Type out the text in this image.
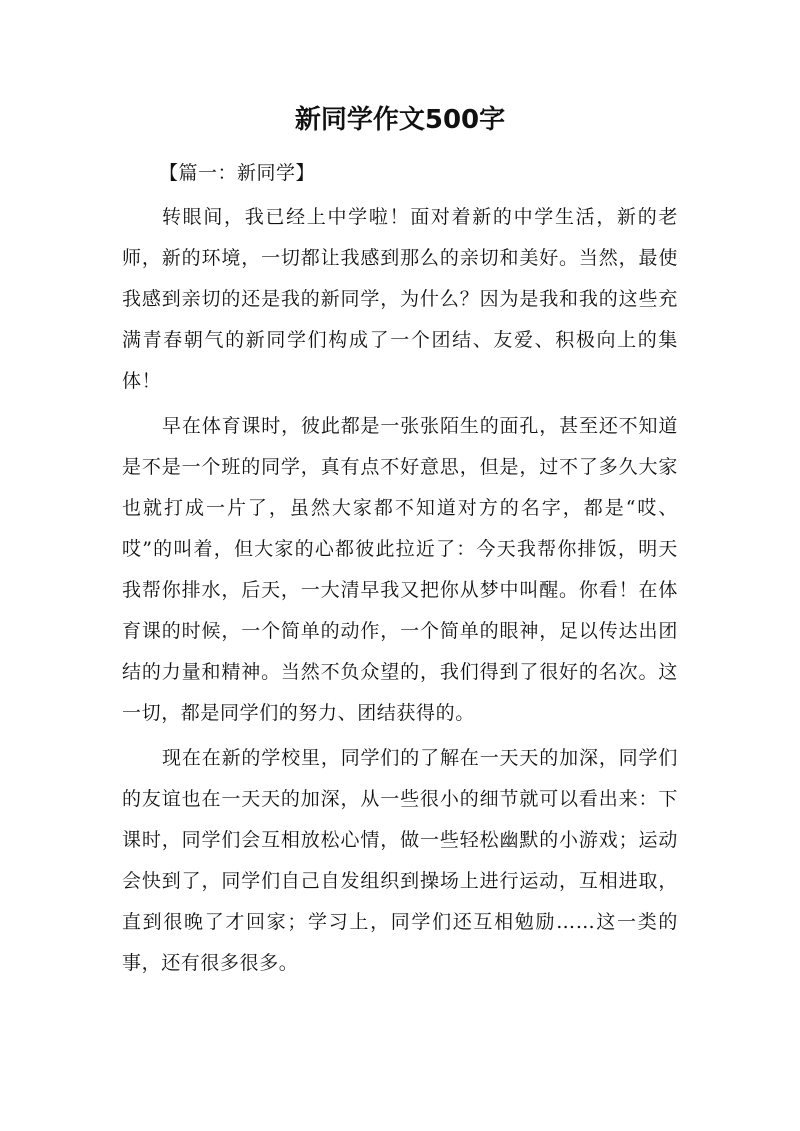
新同学作文500字

【篇一：新同学】

转眼间，我已经上中学啦！面对着新的中学生活，新的老师，新的环境，一切都让我感到那么的亲切和美好。当然，最使我感到亲切的还是我的新同学，为什么？因为是我和我的这些充满青春朝气的新同学们构成了一个团结、友爱、积极向上的集体！

早在体育课时，彼此都是一张张陌生的面孔，甚至还不知道是不是一个班的同学，真有点不好意思，但是，过不了多久大家也就打成一片了，虽然大家都不知道对方的名字，都是“哎、哎”的叫着，但大家的心都彼此拉近了：今天我帮你排饭，明天我帮你排水，后天，一大清早我又把你从梦中叫醒。你看！在体育课的时候，一个简单的动作，一个简单的眼神，足以传达出团结的力量和精神。当然不负众望的，我们得到了很好的名次。这一切，都是同学们的努力、团结获得的。

现在在新的学校里，同学们的了解在一天天的加深，同学们的友谊也在一天天的加深，从一些很小的细节就可以看出来：下课时，同学们会互相放松心情，做一些轻松幽默的小游戏；运动会快到了，同学们自己自发组织到操场上进行运动，互相进取，直到很晚了才回家；学习上，同学们还互相勉励……这一类的事，还有很多很多。
